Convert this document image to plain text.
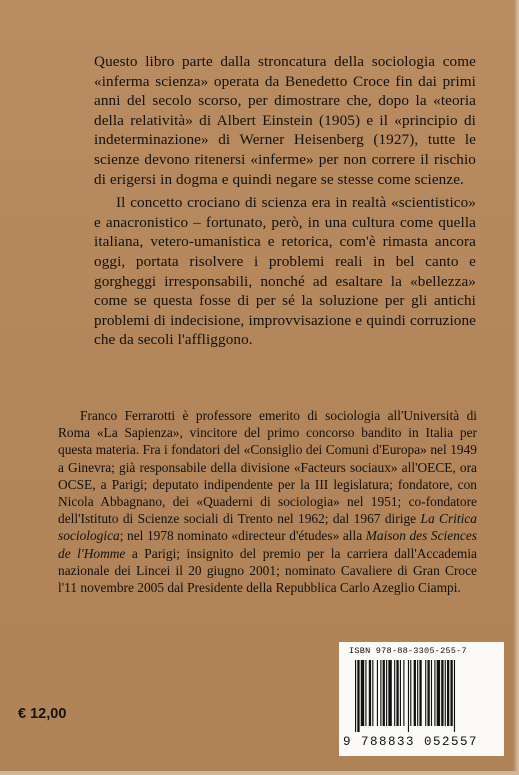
Questo libro parte dalla stroncatura della sociologia come «inferma scienza» operata da Benedetto Croce fin dai primi anni del secolo scorso, per dimostrare che, dopo la «teoria della relatività» di Albert Einstein (1905) e il «principio di indeterminazione» di Werner Heisenberg (1927), tutte le scienze devono ritenersi «inferme» per non correre il rischio di erigersi in dogma e quindi negare se stesse come scienze.

Il concetto crociano di scienza era in realtà «scientistico» e anacronistico – fortunato, però, in una cultura come quella italiana, vetero-umanistica e retorica, com'è rimasta ancora oggi, portata risolvere i problemi reali in bel canto e gorgheggi irresponsabili, nonché ad esaltare la «bellezza» come se questa fosse di per sé la soluzione per gli antichi problemi di indecisione, improvvisazione e quindi corruzione che da secoli l'affliggono.

Franco Ferrarotti è professore emerito di sociologia all'Università di Roma «La Sapienza», vincitore del primo concorso bandito in Italia per questa materia. Fra i fondatori del «Consiglio dei Comuni d'Europa» nel 1949 a Ginevra; già responsabile della divisione «Facteurs sociaux» all'OECE, ora OCSE, a Parigi; deputato indipendente per la III legislatura; fondatore, con Nicola Abbagnano, dei «Quaderni di sociologia» nel 1951; co-fondatore dell'Istituto di Scienze sociali di Trento nel 1962; dal 1967 dirige La Critica sociologica; nel 1978 nominato «directeur d'études» alla Maison des Sciences de l'Homme a Parigi; insignito del premio per la carriera dall'Accademia nazionale dei Lincei il 20 giugno 2001; nominato Cavaliere di Gran Croce l'11 novembre 2005 dal Presidente della Repubblica Carlo Azeglio Ciampi.

€ 12,00
ISBN 978-88-3305-255-7
9 788833 052557
